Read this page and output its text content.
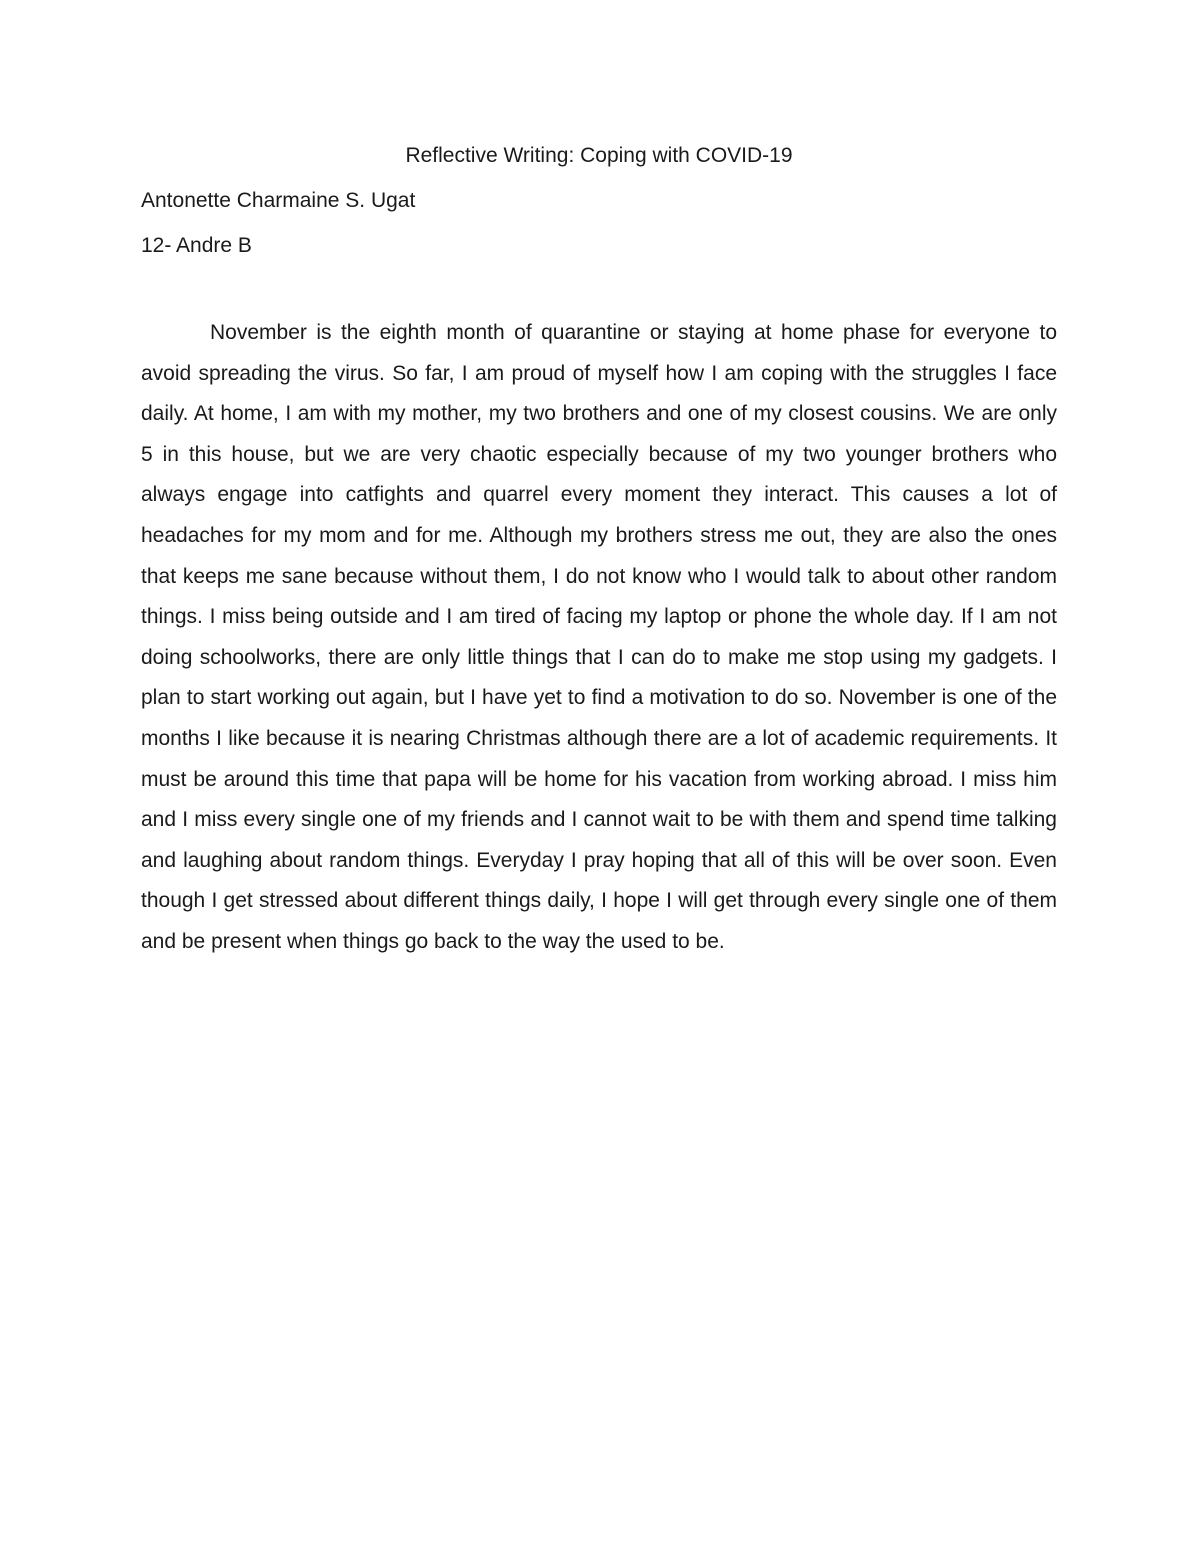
Reflective Writing: Coping with COVID-19
Antonette Charmaine S. Ugat
12- Andre B

November is the eighth month of quarantine or staying at home phase for everyone to avoid spreading the virus. So far, I am proud of myself how I am coping with the struggles I face daily. At home, I am with my mother, my two brothers and one of my closest cousins. We are only 5 in this house, but we are very chaotic especially because of my two younger brothers who always engage into catfights and quarrel every moment they interact. This causes a lot of headaches for my mom and for me. Although my brothers stress me out, they are also the ones that keeps me sane because without them, I do not know who I would talk to about other random things. I miss being outside and I am tired of facing my laptop or phone the whole day. If I am not doing schoolworks, there are only little things that I can do to make me stop using my gadgets. I plan to start working out again, but I have yet to find a motivation to do so. November is one of the months I like because it is nearing Christmas although there are a lot of academic requirements. It must be around this time that papa will be home for his vacation from working abroad. I miss him and I miss every single one of my friends and I cannot wait to be with them and spend time talking and laughing about random things. Everyday I pray hoping that all of this will be over soon. Even though I get stressed about different things daily, I hope I will get through every single one of them and be present when things go back to the way the used to be.
